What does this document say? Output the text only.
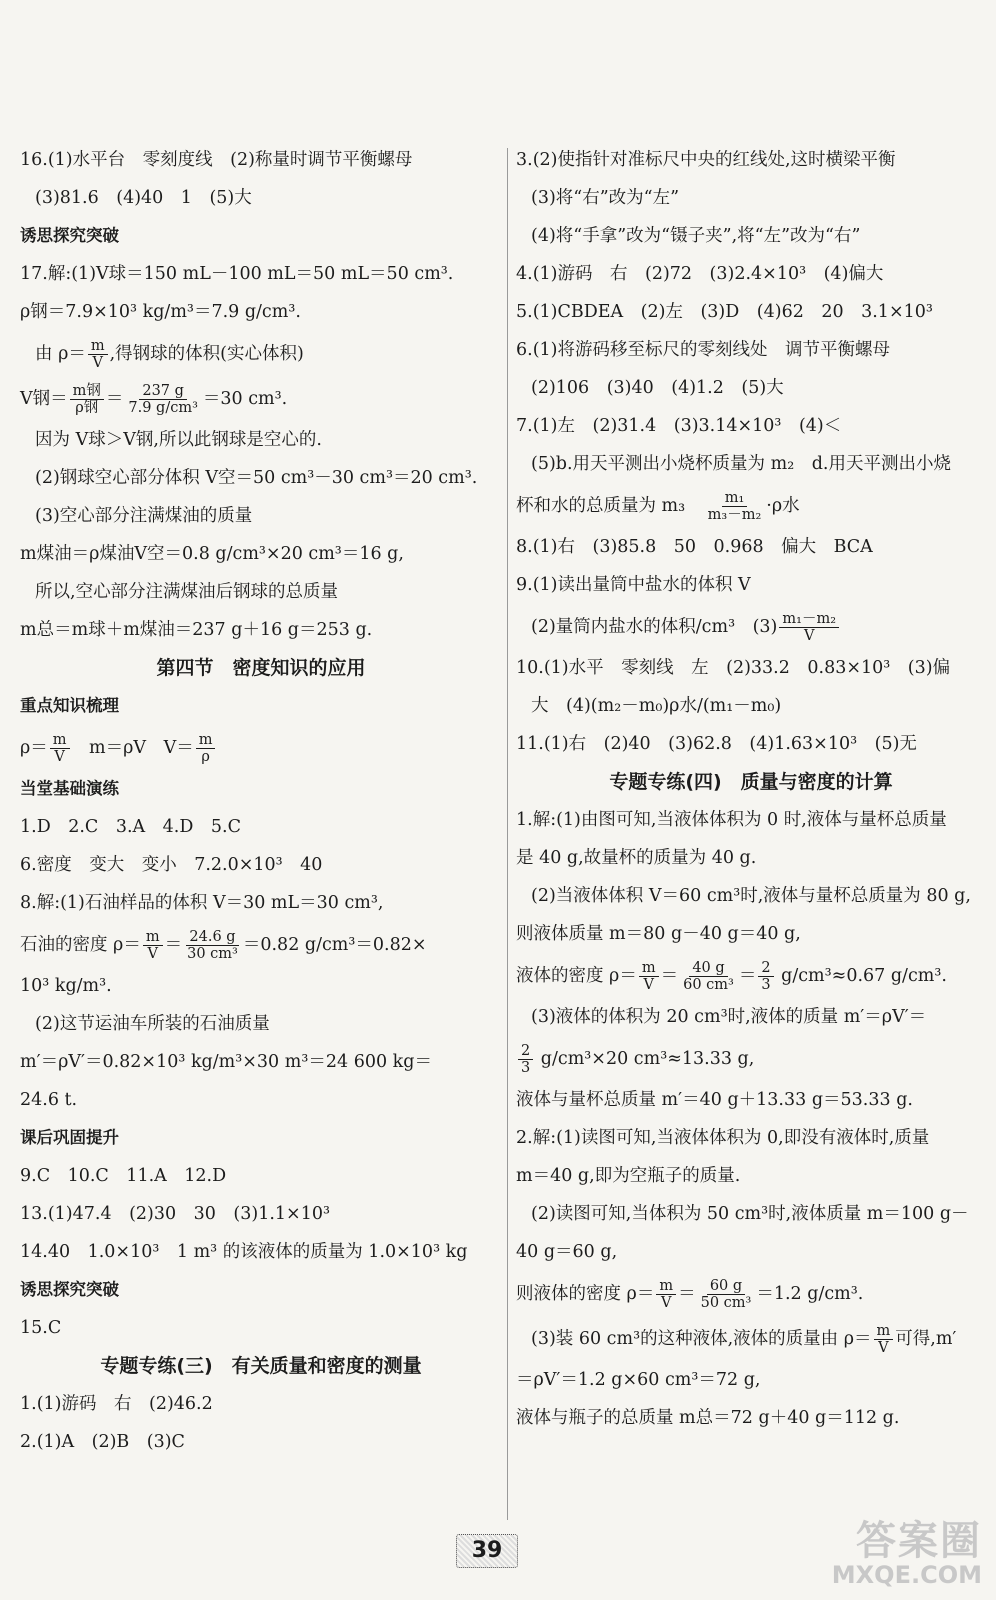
16.(1)水平台　零刻度线　(2)称量时调节平衡螺母
(3)81.6　(4)40　1　(5)大
诱思探究突破
17.解:(1)V球＝150 mL－100 mL＝50 mL＝50 cm³.
ρ钢＝7.9×10³ kg/m³＝7.9 g/cm³.
由 $\rho= \frac{m}{V}$ ,得钢球的体积(实心体积)
V钢＝ $\frac{\text{m钢}}{\text{ρ钢}} = \frac{237 g}{\text{7.9 g/cm³}} =30$ cm³.
因为 V球＞V钢,所以此钢球是空心的.
(2)钢球空心部分体积 V空＝50 cm³－30 cm³＝20 cm³.
(3)空心部分注满煤油的质量
m煤油＝ρ煤油V空＝0.8 g/cm³×20 cm³＝16 g,
所以,空心部分注满煤油后钢球的总质量
m总＝m球＋m煤油＝237 g＋16 g＝253 g.
第四节　密度知识的应用
重点知识梳理
$\rho= \frac{m}{V}$ 　m＝ρV　$V= \frac{m}{\rho}$
当堂基础演练
1.D　2.C　3.A　4.D　5.C
6.密度　变大　变小　7.2.0×10³　40
8.解:(1)石油样品的体积 V＝30 mL＝30 cm³,
石油的密度 $\rho= \frac{m}{V} = \frac{24.6 g}{\text{30 cm³}} =0.82$ g/cm³＝0.82×
10³ kg/m³.
(2)这节运油车所装的石油质量
m′＝ρV′＝0.82×10³ kg/m³×30 m³＝24 600 kg＝
24.6 t.
课后巩固提升
9.C　10.C　11.A　12.D
13.(1)47.4　(2)30　30　(3)1.1×10³
14.40　1.0×10³　1 m³ 的该液体的质量为 1.0×10³ kg
诱思探究突破
15.C
专题专练(三)　有关质量和密度的测量
1.(1)游码　右　(2)46.2
2.(1)A　(2)B　(3)C
3.(2)使指针对准标尺中央的红线处,这时横梁平衡
(3)将“右”改为“左”
(4)将“手拿”改为“镊子夹”,将“左”改为“右”
4.(1)游码　右　(2)72　(3)2.4×10³　(4)偏大
5.(1)CBDEA　(2)左　(3)D　(4)62　20　3.1×10³
6.(1)将游码移至标尺的零刻线处　调节平衡螺母
(2)106　(3)40　(4)1.2　(5)大
7.(1)左　(2)31.4　(3)3.14×10³　(4)＜
(5)b.用天平测出小烧杯质量为 m₂　d.用天平测出小烧
杯和水的总质量为 m₃　 $\frac{\text{m₁}}{\text{m₃－m₂}} \cdot\rho$水
8.(1)右　(3)85.8　50　0.968　偏大　BCA
9.(1)读出量筒中盐水的体积 V
(2)量筒内盐水的体积/cm³　$(3) \frac{\text{m₁－m₂}}{V}$
10.(1)水平　零刻线　左　(2)33.2　0.83×10³　(3)偏
大　(4)(m₂－m₀)ρ水/(m₁－m₀)
11.(1)右　(2)40　(3)62.8　(4)1.63×10³　(5)无
专题专练(四)　质量与密度的计算
1.解:(1)由图可知,当液体体积为 0 时,液体与量杯总质量
是 40 g,故量杯的质量为 40 g.
(2)当液体体积 V＝60 cm³时,液体与量杯总质量为 80 g,
则液体质量 m＝80 g－40 g＝40 g,
液体的密度 $\rho= \frac{m}{V} = \frac{40 g}{\text{60 cm³}} = \frac{2}{3} g/cm^3\approx 0.67$ g/cm³.
(3)液体的体积为 20 cm³时,液体的质量 m′＝ρV′＝
$\frac{2}{3} g/cm^3\times 20$ cm³≈13.33 g,
液体与量杯总质量 m′＝40 g＋13.33 g＝53.33 g.
2.解:(1)读图可知,当液体体积为 0,即没有液体时,质量
m＝40 g,即为空瓶子的质量.
(2)读图可知,当体积为 50 cm³时,液体质量 m＝100 g－
40 g＝60 g,
则液体的密度 $\rho= \frac{m}{V} = \frac{60 g}{\text{50 cm³}} =1.2$ g/cm³.
(3)装 60 cm³的这种液体,液体的质量由 $\rho= \frac{m}{V}$ 可得,m′
＝ρV′＝1.2 g×60 cm³＝72 g,
液体与瓶子的总质量 m总＝72 g＋40 g＝112 g.
39	答案圈
MXQE.COM
